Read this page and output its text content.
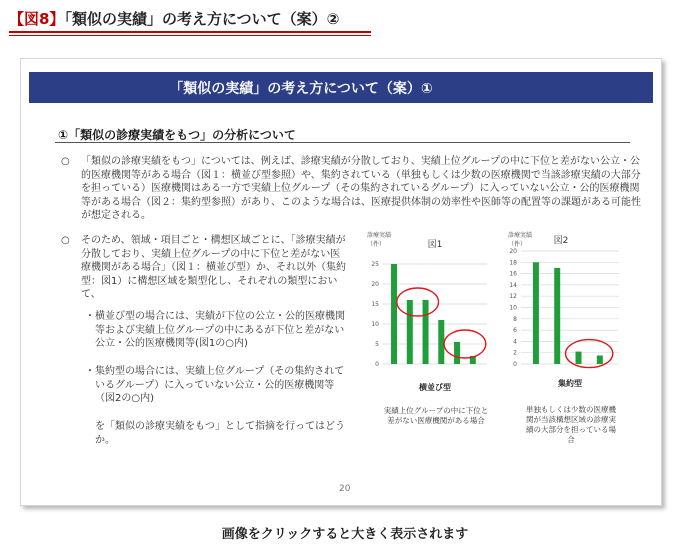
【図8】「類似の実績」の考え方について（案）②
「類似の実績」の考え方について（案）①
①「類似の診療実績をもつ」の分析について
○ 「類似の診療実績をもつ」については、例えば、診療実績が分散しており、実績上位グループの中に下位と差がない公立・公的医療機関等がある場合（図１：横並び型参照）や、集約されている（単独もしくは少数の医療機関で当該診療実績の大部分を担っている）医療機関はある一方で実績上位グループ（その集約されているグループ）に入っていない公立・公的医療機関等がある場合（図２：集約型参照）があり、このような場合は、医療提供体制の効率性や医師等の配置等の課題がある可能性が想定される。
○ そのため、領域・項目ごと・構想区域ごとに、「診療実績が分散しており、実績上位グループの中に下位と差がない医療機関がある場合」（図１：横並び型）か、それ以外（集約型：図1）に構想区域を類型化し、それぞれの類型において、
・ 横並び型の場合には、実績が下位の公立・公的医療機関等および実績上位グループの中にあるが下位と差がない公立・公的医療機関等(図1の○内)
・ 集約型の場合には、実績上位グループ（その集約されているグループ）に入っていない公立・公的医療機関等（図2の○内)
を「類似の診療実績をもつ」として指摘を行ってはどうか。
図1
診療実績
（件）
0
5
10
15
20
25
横並び型
実績上位グループの中に下位と
差がない医療機関がある場合
図2
診療実績
（件）
0
2
4
6
8
10
12
14
16
18
20
集約型
単独もしくは少数の医療機
関が当該構想区域の診療実
績の大部分を担っている場
合
20
画像をクリックすると大きく表示されます
